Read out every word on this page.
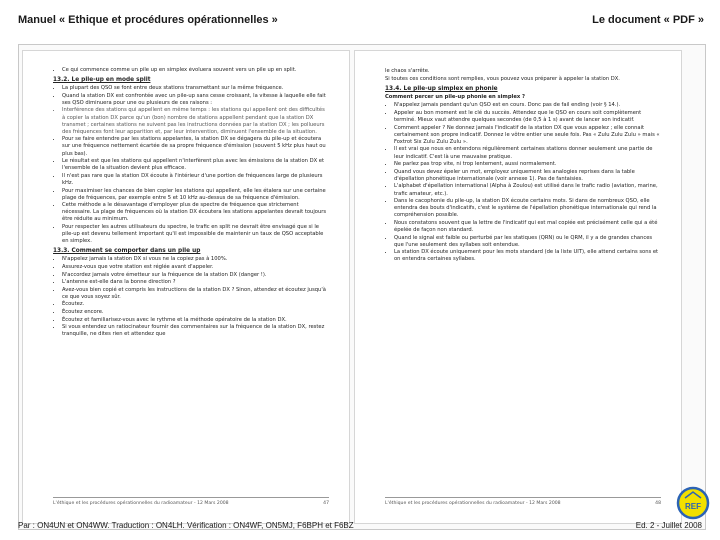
Manuel « Ethique et procédures opérationnelles »	Le document « PDF »
• Ce qui commence comme un pile up en simplex évoluera souvent vers un pile up en split.
13.2. Le pile-up en mode split
• La plupart des QSO se font entre deux stations transmettant sur la même fréquence.
• Quand la station DX est confrontée avec un pile-up sans cesse croissant, la vitesse à laquelle elle fait ses QSO diminuera pour une ou plusieurs de ces raisons :
• Interférence des stations qui appellent en même temps : les stations qui appellent ont des difficultés à copier la station DX parce qu'un (bon) nombre de stations appellent pendant que la station DX transmet ; certaines stations ne suivent pas les instructions données par la station DX ; les pollueurs des fréquences font leur apparition et, par leur intervention, diminuent l'ensemble de la situation.
• Pour se faire entendre par les stations appelantes, la station DX se dégagera du pile-up et écoutera sur une fréquence nettement écartée de sa propre fréquence d'émission (souvent 5 kHz plus haut ou plus bas).
• Le résultat est que les stations qui appellent n'interfèrent plus avec les émissions de la station DX et l'ensemble de la situation devient plus efficace.
• Il n'est pas rare que la station DX écoute à l'intérieur d'une portion de fréquences large de plusieurs kHz.
• Pour maximiser les chances de bien copier les stations qui appellent, elle les étalera sur une certaine plage de fréquences, par exemple entre 5 et 10 kHz au-dessus de sa fréquence d'émission.
• Cette méthode a le désavantage d'employer plus de spectre de fréquence que strictement nécessaire. La plage de fréquences où la station DX écoutera les stations appelantes devrait toujours être réduite au minimum.
• Pour respecter les autres utilisateurs du spectre, le trafic en split ne devrait être envisagé que si le pile-up est devenu tellement important qu'il est impossible de maintenir un taux de QSO acceptable en simplex.
13.3. Comment se comporter dans un pile up
• N'appelez jamais la station DX si vous ne la copiez pas à 100%.
• Assurez-vous que votre station est réglée avant d'appeler.
• N'accordez jamais votre émetteur sur la fréquence de la station DX (danger !).
• L'antenne est-elle dans la bonne direction ?
• Avez-vous bien copié et compris les instructions de la station DX ? Sinon, attendez et écoutez jusqu'à ce que vous soyez sûr.
• Écoutez.
• Écoutez encore.
• Écoutez et familiarisez-vous avec le rythme et la méthode opératoire de la station DX.
• Si vous entendez un ratiocinateur fournir des commentaires sur la fréquence de la station DX, restez tranquille, ne dites rien et attendez que
L'éthique et les procédures opérationnelles du radioamateur - 12 Mars 2008	47

le chaos s'arrête.

Si toutes ces conditions sont remplies, vous pouvez vous préparer à appeler la station DX.

13.4. Le pile-up simplex en phonie

Comment percer un pile-up phonie en simplex ?

• N'appelez jamais pendant qu'un QSO est en cours. Donc pas de fail ending (voir § 14.).
• Appeler au bon moment est le clé du succès. Attendez que le QSO en cours soit complètement terminé. Mieux vaut attendre quelques secondes (de 0,5 à 1 s) avant de lancer son indicatif.
• Comment appeler ? Ne donnez jamais l'indicatif de la station DX que vous appelez ; elle connait certainement son propre indicatif. Donnez le vôtre entier une seule fois. Pas « Zulu Zulu Zulu » mais « Foxtrot Six Zulu Zulu Zulu ».
• Il est vrai que nous en entendons régulièrement certaines stations donner seulement une partie de leur indicatif. C'est là une mauvaise pratique.
• Ne parlez pas trop vite, ni trop lentement, aussi normalement.
• Quand vous devez épeler un mot, employez uniquement les analogies reprises dans la table d'épellation phonétique internationale (voir annexe 1). Pas de fantaisies.
• L'alphabet d'épellation international (Alpha à Zoulou) est utilisé dans le trafic radio (aviation, marine, trafic amateur, etc.).
• Dans le cacophonie du pile-up, la station DX écoute certains mots. Si dans de nombreux QSO, elle entendra des bouts d'indicatifs, c'est le système de l'épellation phonétique internationale qui rend la compréhension possible.
• Nous constatons souvent que la lettre de l'indicatif qui est mal copiée est précisément celle qui a été épelée de façon non standard.
• Quand le signal est faible ou perturbé par les statiques (QRN) ou le QRM, il y a de grandes chances que l'une seulement des syllabes soit entendue.
• La station DX écoute uniquement pour les mots standard (de la liste UIT), elle attend certains sons et on entendra certaines syllabes.
L'éthique et les procédures opérationnelles du radioamateur - 12 Mars 2008	48	REF
Par : ON4UN et ON4WW. Traduction : ON4LH. Vérification : ON4WF, ON5MJ, F6BPH et F6BZ	Ed. 2 - Juillet 2008
